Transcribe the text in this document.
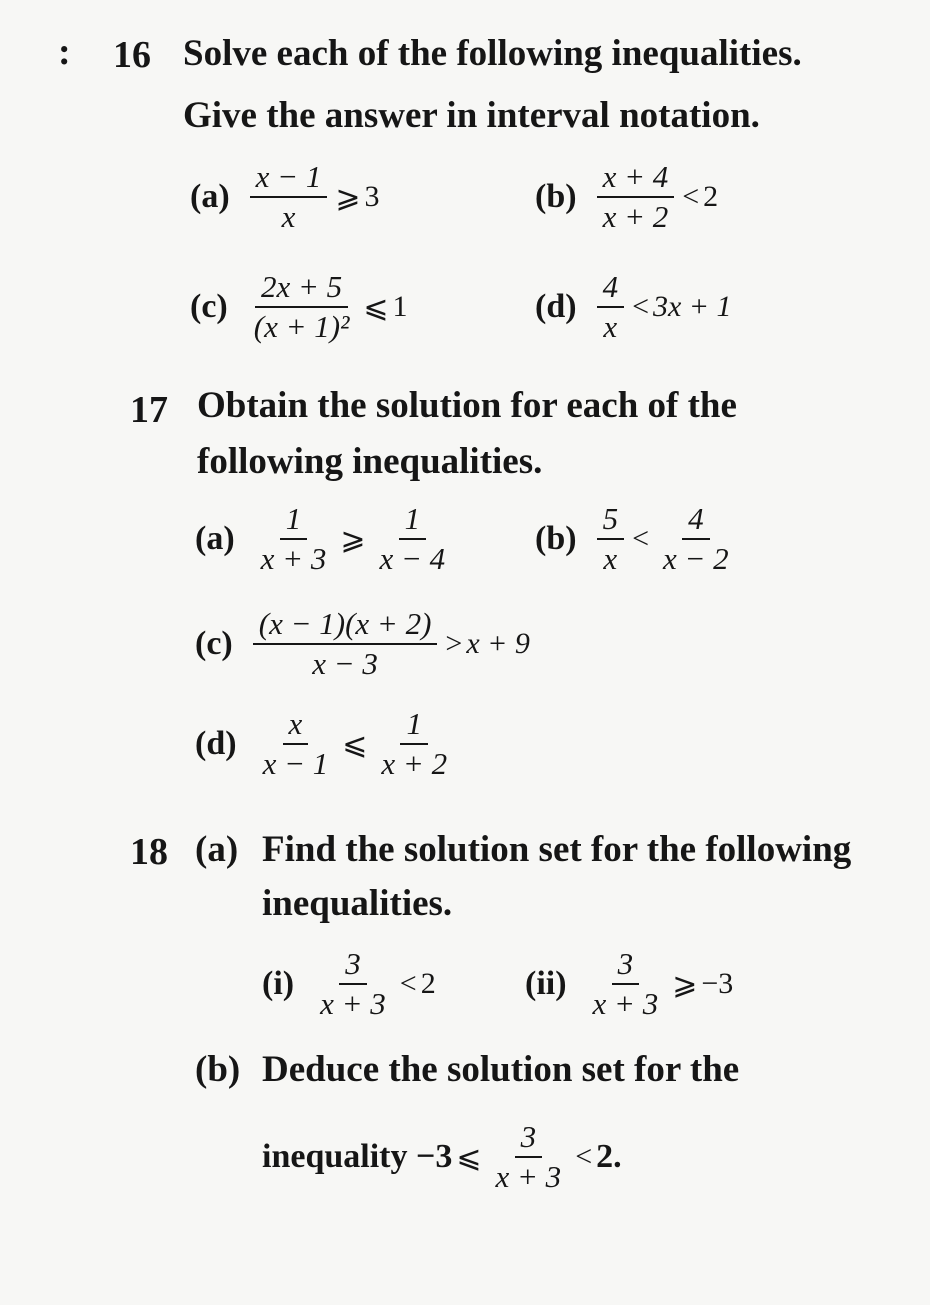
: 16 Solve each of the following inequalities.
Give the answer in interval notation.
$(a) \frac{x - 1}{x}$ ⩾ 3	$(b) \frac{x + 4}{x + 2} < 2$
$(c) \frac{2x + 5}{\text{(x + 1)²}}$ ⩽ 1	$(d) \frac{4}{x} < 3x + 1$
17 Obtain the solution for each of the
following inequalities.
$(a) \frac{1}{x + 3}$ ⩾ $\frac{1}{x - 4} (b) \frac{5}{x} < \frac{4}{x - 2}$
$(c) \frac{(x - 1)(x + 2)}{x - 3} > x + 9$
$(d) \frac{x}{x - 1}$ ⩽ $\frac{1}{x + 2}$
18 (a) Find the solution set for the following
inequalities.
$(i) \frac{3}{x + 3} < 2$	$(ii) \frac{3}{x + 3}$ ⩾ −3
(b) Deduce the solution set for the
inequality −3 ⩽ $\frac{3}{x + 3} < 2$.
